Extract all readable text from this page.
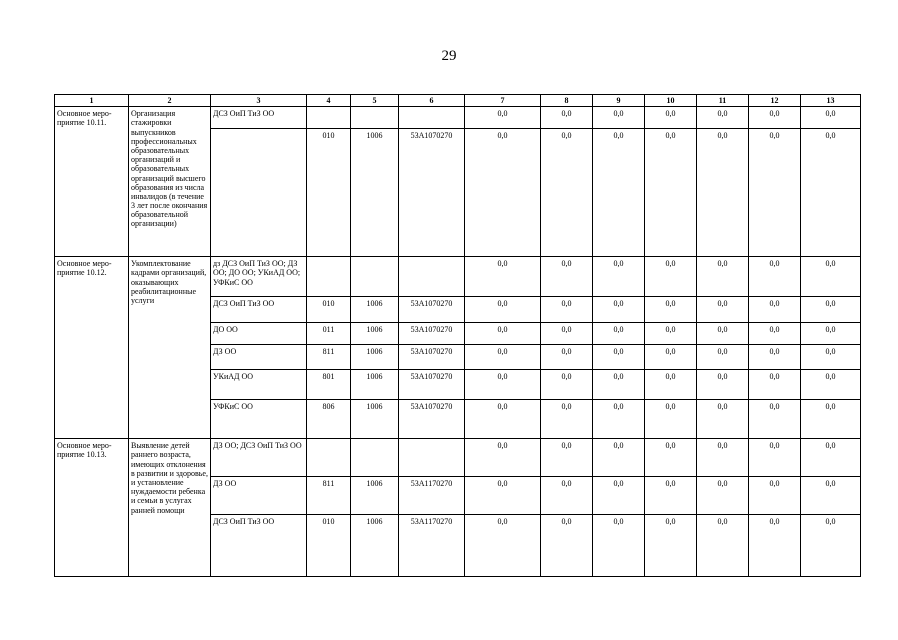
29
1	2	3	4	5	6	7	8	9	10	11	12	13
Основное меро-приятие 10.11.	Организация стажировки выпускников профессиональных образовательных организаций и образовательных организаций высшего образования из числа инвалидов (в течение 3 лет после окончания образовательной организации)	ДСЗ ОиП ТиЗ ОО				0,0	0,0	0,0	0,0	0,0	0,0	0,0
			010	1006	53А1070270	0,0	0,0	0,0	0,0	0,0	0,0	0,0
Основное меро-приятие 10.12.	Укомплектование кадрами организаций, оказывающих реабилитационные услуги	дз ДСЗ ОиП ТиЗ ОО; ДЗ ОО; ДО ОО; УКиАД ОО; УФКиС ОО				0,0	0,0	0,0	0,0	0,0	0,0	0,0
		ДСЗ ОиП ТиЗ ОО	010	1006	53А1070270	0,0	0,0	0,0	0,0	0,0	0,0	0,0
		ДО ОО	011	1006	53А1070270	0,0	0,0	0,0	0,0	0,0	0,0	0,0
		ДЗ ОО	811	1006	53А1070270	0,0	0,0	0,0	0,0	0,0	0,0	0,0
		УКиАД ОО	801	1006	53А1070270	0,0	0,0	0,0	0,0	0,0	0,0	0,0
		УФКиС ОО	806	1006	53А1070270	0,0	0,0	0,0	0,0	0,0	0,0	0,0
Основное меро-приятие 10.13.	Выявление детей раннего возраста, имеющих отклонения в развитии и здоровье, и установление нуждаемости ребенка и семьи в услугах ранней помощи	ДЗ ОО; ДСЗ ОиП ТиЗ ОО				0,0	0,0	0,0	0,0	0,0	0,0	0,0
		ДЗ ОО	811	1006	53А1170270	0,0	0,0	0,0	0,0	0,0	0,0	0,0
		ДСЗ ОиП ТиЗ ОО	010	1006	53А1170270	0,0	0,0	0,0	0,0	0,0	0,0	0,0
